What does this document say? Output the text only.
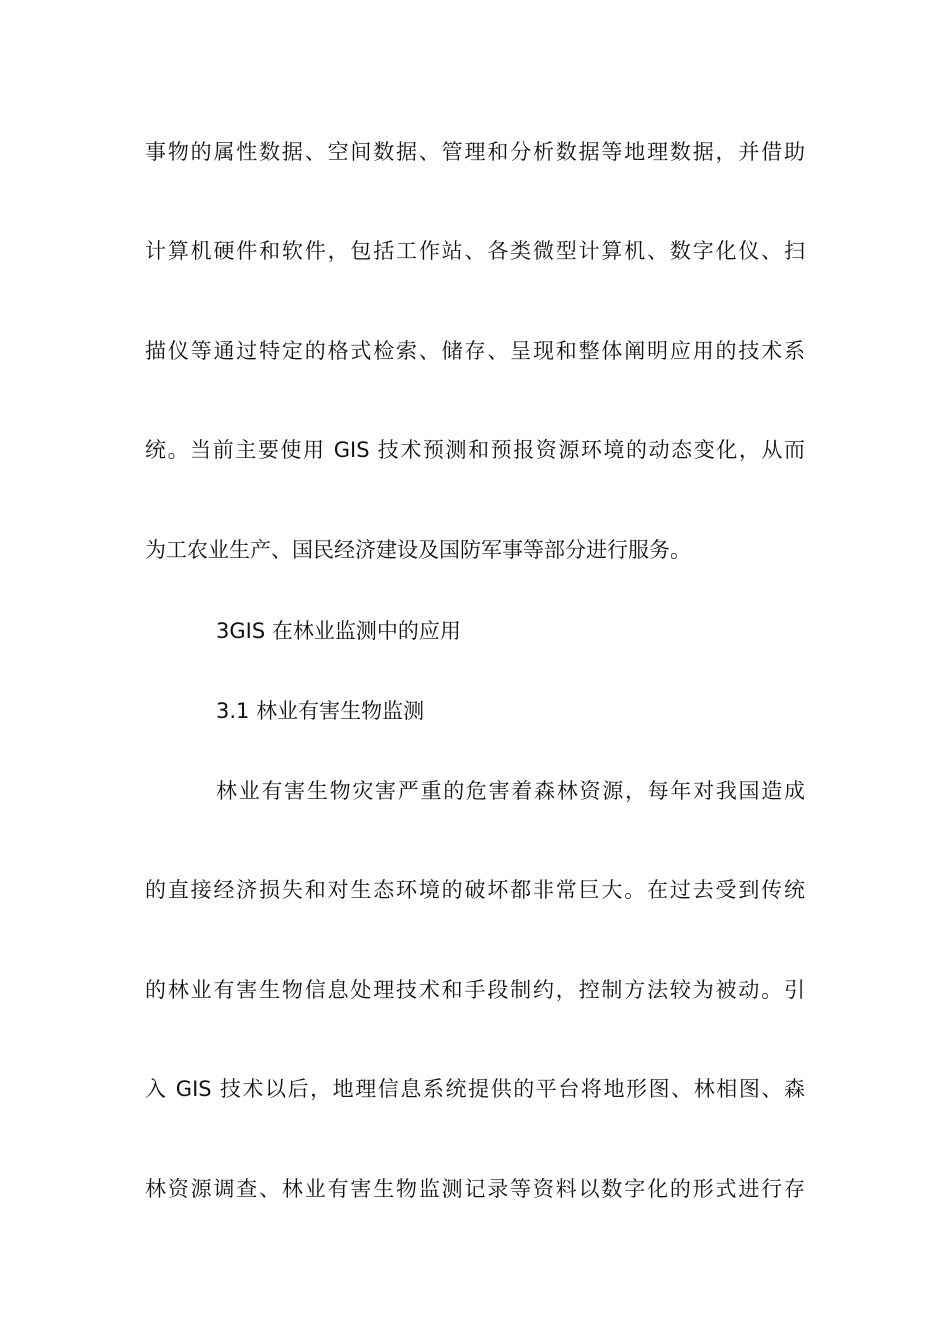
事物的属性数据、空间数据、管理和分析数据等地理数据，并借助
计算机硬件和软件，包括工作站、各类微型计算机、数字化仪、扫
描仪等通过特定的格式检索、储存、呈现和整体阐明应用的技术系
统。当前主要使用 GIS 技术预测和预报资源环境的动态变化，从而
为工农业生产、国民经济建设及国防军事等部分进行服务。
3GIS 在林业监测中的应用
3.1 林业有害生物监测
林业有害生物灾害严重的危害着森林资源，每年对我国造成
的直接经济损失和对生态环境的破坏都非常巨大。在过去受到传统
的林业有害生物信息处理技术和手段制约，控制方法较为被动。引
入 GIS 技术以后，地理信息系统提供的平台将地形图、林相图、森
林资源调查、林业有害生物监测记录等资料以数字化的形式进行存
